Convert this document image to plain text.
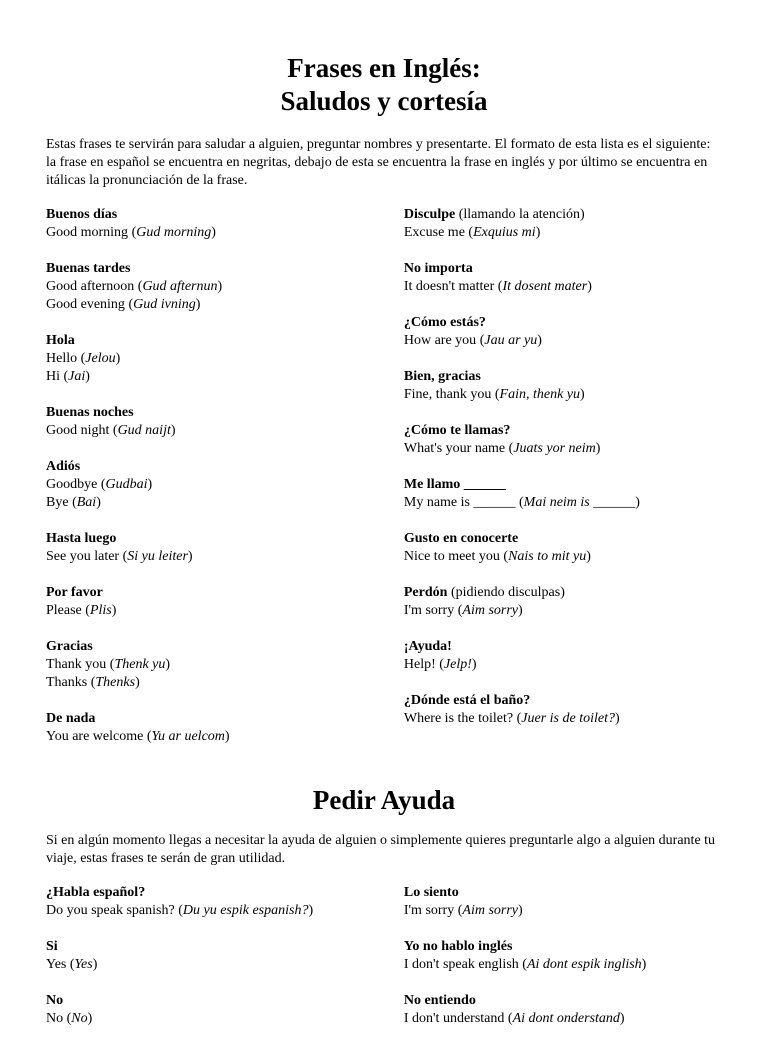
Frases en Inglés:
Saludos y cortesía

Estas frases te servirán para saludar a alguien, preguntar nombres y presentarte. El formato de esta lista es el siguiente: la frase en español se encuentra en negritas, debajo de esta se encuentra la frase en inglés y por último se encuentra en itálicas la pronunciación de la frase.

Buenos días
Good morning (Gud morning)
Buenas tardes
Good afternoon (Gud afternun)
Good evening (Gud ivning)
Hola
Hello (Jelou)
Hi (Jai)
Buenas noches
Good night (Gud naijt)
Adiós
Goodbye (Gudbai)
Bye (Bai)
Hasta luego
See you later (Si yu leiter)
Por favor
Please (Plis)
Gracias
Thank you (Thenk yu)
Thanks (Thenks)
De nada
You are welcome (Yu ar uelcom)
Disculpe (llamando la atención)
Excuse me (Exquius mi)
No importa
It doesn't matter (It dosent mater)
¿Cómo estás?
How are you (Jau ar yu)
Bien, gracias
Fine, thank you (Fain, thenk yu)
¿Cómo te llamas?
What's your name (Juats yor neim)
Me llamo ______
My name is ______ (Mai neim is ______)
Gusto en conocerte
Nice to meet you (Nais to mit yu)
Perdón (pidiendo disculpas)
I'm sorry (Aim sorry)
¡Ayuda!
Help! (Jelp!)
¿Dónde está el baño?
Where is the toilet? (Juer is de toilet?)
Pedir Ayuda

Si en algún momento llegas a necesitar la ayuda de alguien o simplemente quieres preguntarle algo a alguien durante tu viaje, estas frases te serán de gran utilidad.

¿Habla español?
Do you speak spanish? (Du yu espik espanish?)
Si
Yes (Yes)
No
No (No)
Lo siento
I'm sorry (Aim sorry)
Yo no hablo inglés
I don't speak english (Ai dont espik inglish)
No entiendo
I don't understand (Ai dont onderstand)
